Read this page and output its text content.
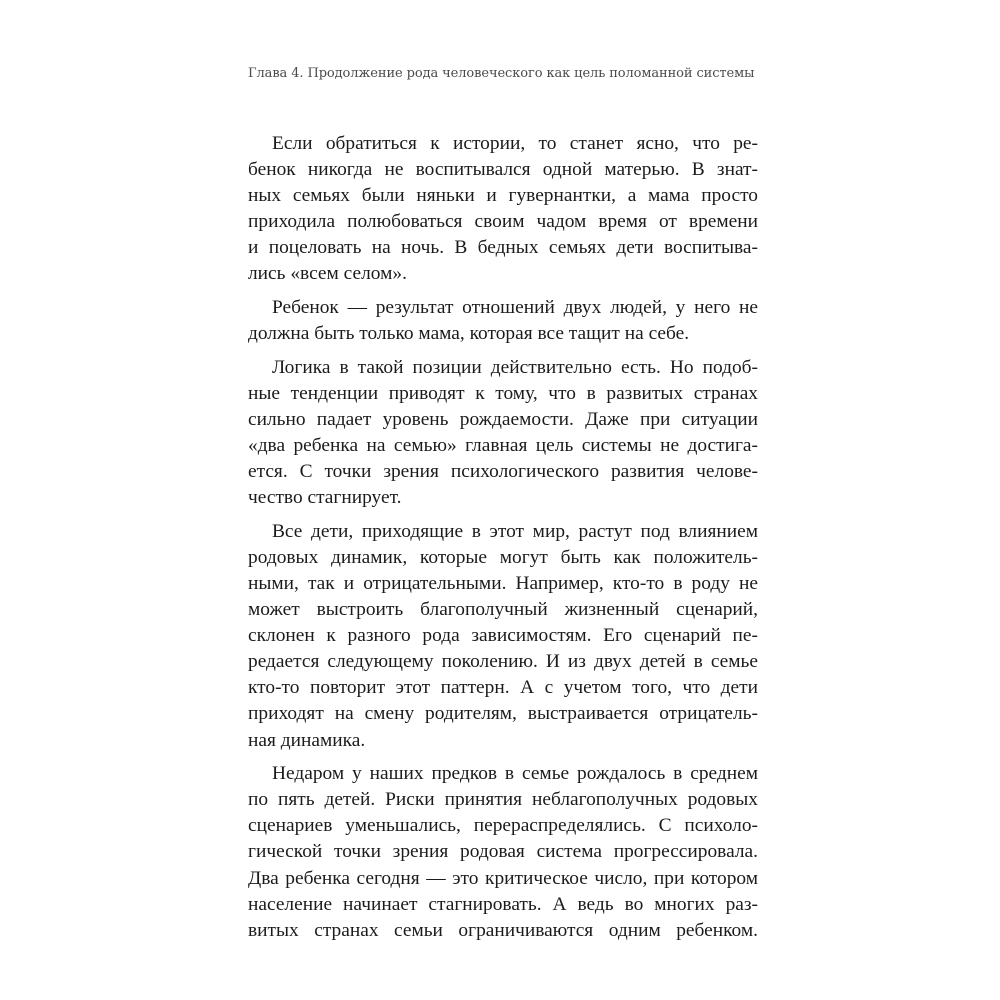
Глава 4. Продолжение рода человеческого как цель поломанной системы
Если обратиться к истории, то станет ясно, что ре-
бенок никогда не воспитывался одной матерью. В знат-
ных семьях были няньки и гувернантки, а мама просто
приходила полюбоваться своим чадом время от времени
и поцеловать на ночь. В бедных семьях дети воспитыва-
лись «всем селом».
Ребенок — результат отношений двух людей, у него не
должна быть только мама, которая все тащит на себе.
Логика в такой позиции действительно есть. Но подоб-
ные тенденции приводят к тому, что в развитых странах
сильно падает уровень рождаемости. Даже при ситуации
«два ребенка на семью» главная цель системы не достига-
ется. С точки зрения психологического развития челове-
чество стагнирует.
Все дети, приходящие в этот мир, растут под влиянием
родовых динамик, которые могут быть как положитель-
ными, так и отрицательными. Например, кто-то в роду не
может выстроить благополучный жизненный сценарий,
склонен к разного рода зависимостям. Его сценарий пе-
редается следующему поколению. И из двух детей в семье
кто-то повторит этот паттерн. А с учетом того, что дети
приходят на смену родителям, выстраивается отрицатель-
ная динамика.
Недаром у наших предков в семье рождалось в среднем
по пять детей. Риски принятия неблагополучных родовых
сценариев уменьшались, перераспределялись. С психоло-
гической точки зрения родовая система прогрессировала.
Два ребенка сегодня — это критическое число, при котором
население начинает стагнировать. А ведь во многих раз-
витых странах семьи ограничиваются одним ребенком.
